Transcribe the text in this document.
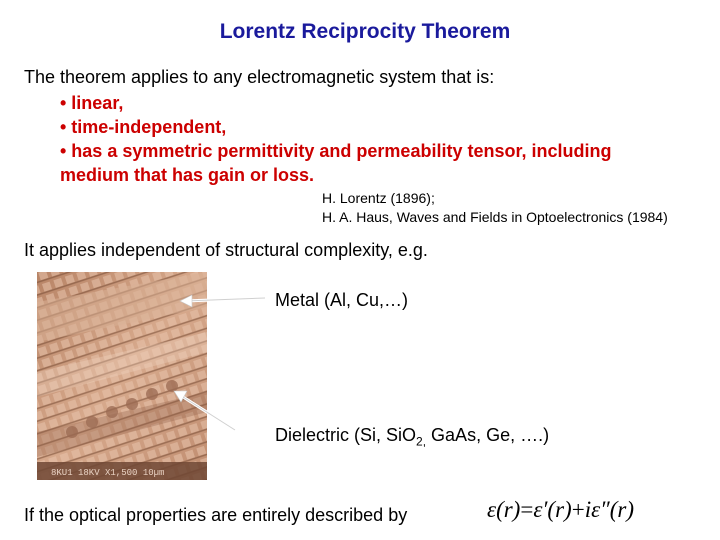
Lorentz Reciprocity Theorem
The theorem applies to any electromagnetic system that is:
• linear,
• time-independent,
• has a symmetric permittivity and permeability tensor, including
medium that has gain or loss.
H. Lorentz (1896);
H. A. Haus, Waves and Fields in Optoelectronics (1984)
It applies independent of structural complexity, e.g.
8KU1 18KV X1,500 10µm
Metal (Al, Cu,…)
Dielectric (Si, SiO$_{2,}$ GaAs, Ge, ….)
If the optical properties are entirely described by	ε(r)=ε′(r)+iε″(r)
